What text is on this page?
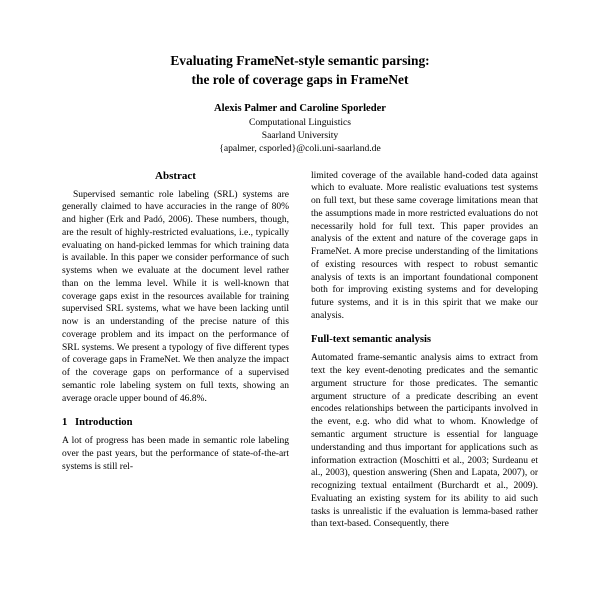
Evaluating FrameNet-style semantic parsing:
the role of coverage gaps in FrameNet
Alexis Palmer and Caroline Sporleder
Computational Linguistics
Saarland University
{apalmer, csporled}@coli.uni-saarland.de
Abstract

Supervised semantic role labeling (SRL) systems are generally claimed to have accuracies in the range of 80% and higher (Erk and Padó, 2006). These numbers, though, are the result of highly-restricted evaluations, i.e., typically evaluating on hand-picked lemmas for which training data is available. In this paper we consider performance of such systems when we evaluate at the document level rather than on the lemma level. While it is well-known that coverage gaps exist in the resources available for training supervised SRL systems, what we have been lacking until now is an understanding of the precise nature of this coverage problem and its impact on the performance of SRL systems. We present a typology of five different types of coverage gaps in FrameNet. We then analyze the impact of the coverage gaps on performance of a supervised semantic role labeling system on full texts, showing an average oracle upper bound of 46.8%.

1 Introduction

A lot of progress has been made in semantic role labeling over the past years, but the performance of state-of-the-art systems is still rel-

limited coverage of the available hand-coded data against which to evaluate. More realistic evaluations test systems on full text, but these same coverage limitations mean that the assumptions made in more restricted evaluations do not necessarily hold for full text. This paper provides an analysis of the extent and nature of the coverage gaps in FrameNet. A more precise understanding of the limitations of existing resources with respect to robust semantic analysis of texts is an important foundational component both for improving existing systems and for developing future systems, and it is in this spirit that we make our analysis.

Full-text semantic analysis

Automated frame-semantic analysis aims to extract from text the key event-denoting predicates and the semantic argument structure for those predicates. The semantic argument structure of a predicate describing an event encodes relationships between the participants involved in the event, e.g. who did what to whom. Knowledge of semantic argument structure is essential for language understanding and thus important for applications such as information extraction (Moschitti et al., 2003; Surdeanu et al., 2003), question answering (Shen and Lapata, 2007), or recognizing textual entailment (Burchardt et al., 2009). Evaluating an existing system for its ability to aid such tasks is unrealistic if the evaluation is lemma-based rather than text-based. Consequently, there
